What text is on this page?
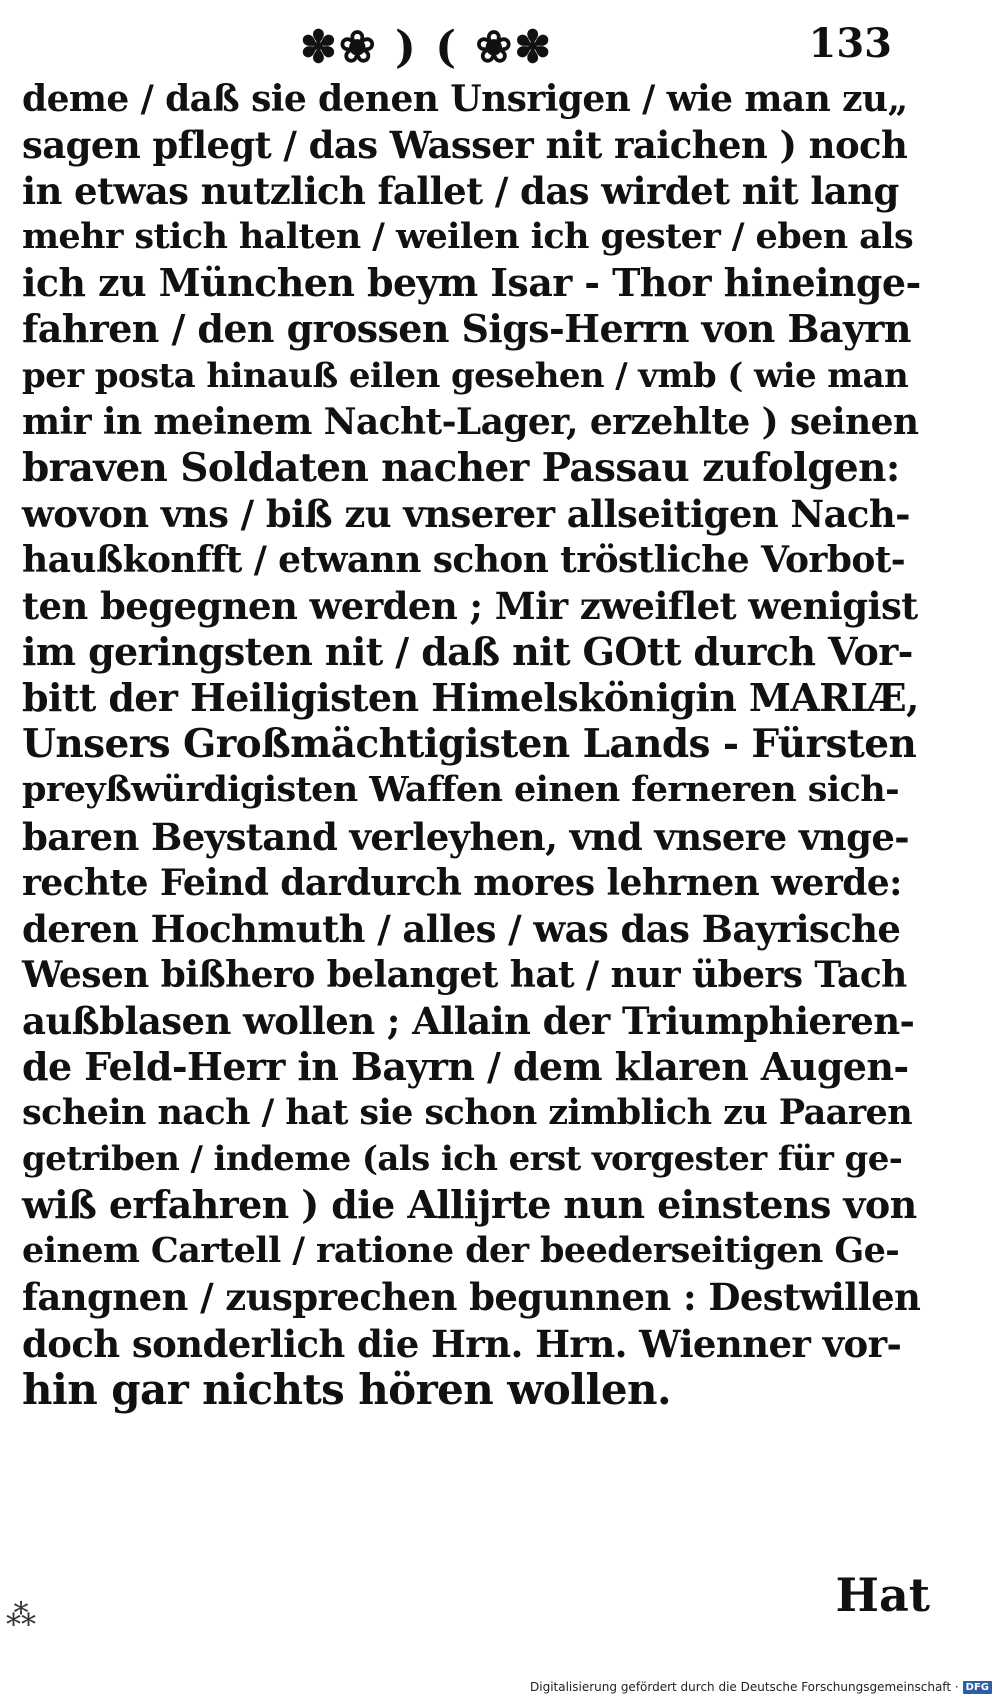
✽❀ ) ( ❀✽	133
deme / daß sie denen Unsrigen / wie man zu„
sagen pflegt / das Wasser nit raichen ) noch
in etwas nutzlich fallet / das wirdet nit lang
mehr stich halten / weilen ich gester / eben als
ich zu München beym Isar - Thor hineinge-
fahren / den grossen Sigs-Herrn von Bayrn
per posta hinauß eilen gesehen / vmb ( wie man
mir in meinem Nacht-Lager, erzehlte ) seinen
braven Soldaten nacher Passau zufolgen:
wovon vns / biß zu vnserer allseitigen Nach-
haußkonfft / etwann schon tröstliche Vorbot-
ten begegnen werden ; Mir zweiflet wenigist
im geringsten nit / daß nit GOtt durch Vor-
bitt der Heiligisten Himelskönigin MARIÆ,
Unsers Großmächtigisten Lands - Fürsten
preyßwürdigisten Waffen einen ferneren sich-
baren Beystand verleyhen, vnd vnsere vnge-
rechte Feind dardurch mores lehrnen werde:
deren Hochmuth / alles / was das Bayrische
Wesen bißhero belanget hat / nur übers Tach
außblasen wollen ; Allain der Triumphieren-
de Feld-Herr in Bayrn / dem klaren Augen-
schein nach / hat sie schon zimblich zu Paaren
getriben / indeme (als ich erst vorgester für ge-
wiß erfahren ) die Allijrte nun einstens von
einem Cartell / ratione der beederseitigen Ge-
fangnen / zusprechen begunnen : Destwillen
doch sonderlich die Hrn. Hrn. Wienner vor-
hin gar nichts hören wollen.
Hat
⁂
Digitalisierung gefördert durch die Deutsche Forschungsgemeinschaft · DFG
